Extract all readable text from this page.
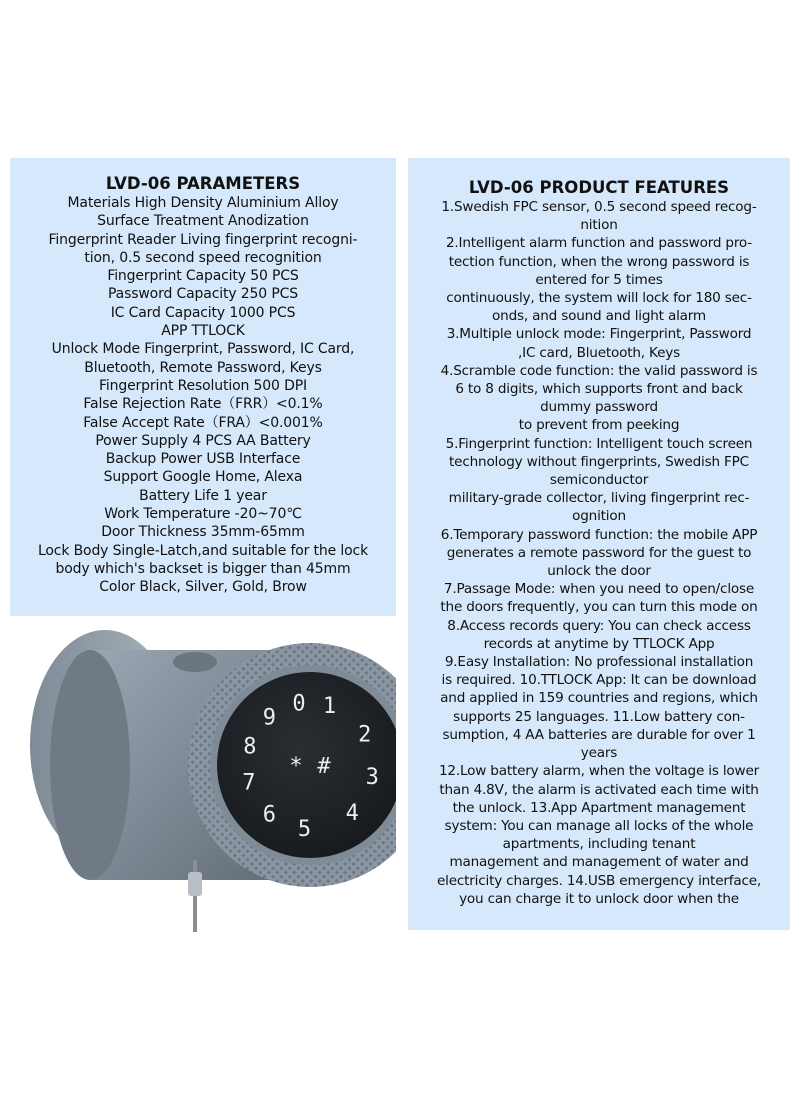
LVD-06 PARAMETERS
Materials High Density Aluminium Alloy
Surface Treatment Anodization
Fingerprint Reader Living fingerprint recogni-
tion, 0.5 second speed recognition
Fingerprint Capacity 50 PCS
Password Capacity 250 PCS
IC Card Capacity 1000 PCS
APP TTLOCK
Unlock Mode Fingerprint, Password, IC Card,
Bluetooth, Remote Password, Keys
Fingerprint Resolution 500 DPI
False Rejection Rate（FRR）<0.1%
False Accept Rate（FRA）<0.001%
Power Supply 4 PCS AA Battery
Backup Power USB Interface
Support Google Home, Alexa
Battery Life 1 year
Work Temperature -20~70℃
Door Thickness 35mm-65mm
Lock Body Single-Latch,and suitable for the lock
body which's backset is bigger than 45mm
Color Black, Silver, Gold, Brow
0 1
2
3
4
5
6
7
8
9
* #
LVD-06 PRODUCT FEATURES
1.Swedish FPC sensor, 0.5 second speed recog-
nition
2.Intelligent alarm function and password pro-
tection function, when the wrong password is
entered for 5 times
continuously, the system will lock for 180 sec-
onds, and sound and light alarm
3.Multiple unlock mode: Fingerprint, Password
,IC card, Bluetooth, Keys
4.Scramble code function: the valid password is
6 to 8 digits, which supports front and back
dummy password
to prevent from peeking
5.Fingerprint function: Intelligent touch screen
technology without fingerprints, Swedish FPC
semiconductor
military-grade collector, living fingerprint rec-
ognition
6.Temporary password function: the mobile APP
generates a remote password for the guest to
unlock the door
7.Passage Mode: when you need to open/close
the doors frequently, you can turn this mode on
8.Access records query: You can check access
records at anytime by TTLOCK App
9.Easy Installation: No professional installation
is required. 10.TTLOCK App: It can be download
and applied in 159 countries and regions, which
supports 25 languages. 11.Low battery con-
sumption, 4 AA batteries are durable for over 1
years
12.Low battery alarm, when the voltage is lower
than 4.8V, the alarm is activated each time with
the unlock. 13.App Apartment management
system: You can manage all locks of the whole
apartments, including tenant
management and management of water and
electricity charges. 14.USB emergency interface,
you can charge it to unlock door when the
